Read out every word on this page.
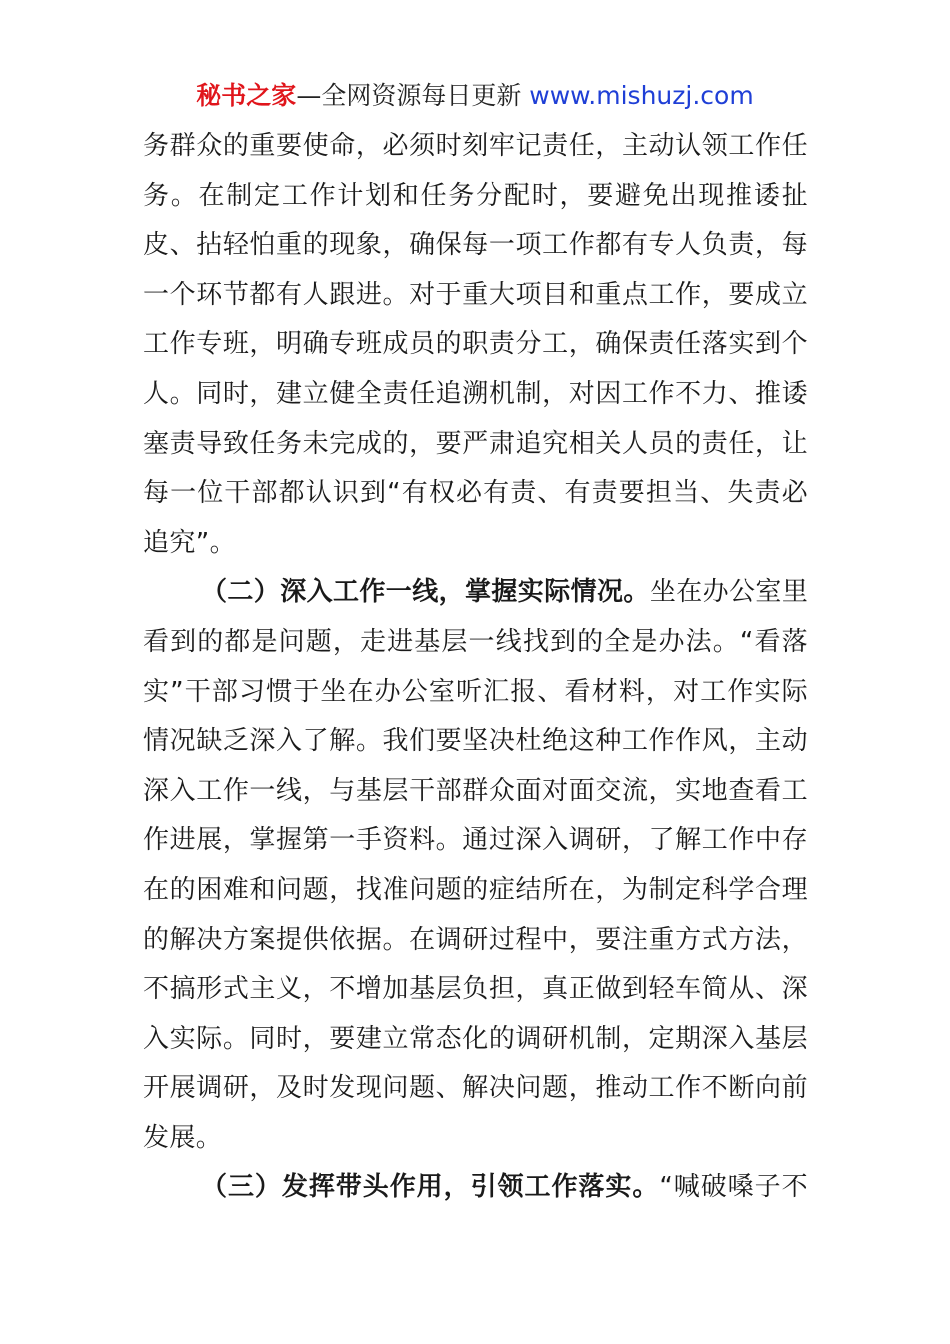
秘书之家—全网资源每日更新 www.mishuzj.com
务群众的重要使命，必须时刻牢记责任，主动认领工作任
务。在制定工作计划和任务分配时，要避免出现推诿扯
皮、拈轻怕重的现象，确保每一项工作都有专人负责，每
一个环节都有人跟进。对于重大项目和重点工作，要成立
工作专班，明确专班成员的职责分工，确保责任落实到个
人。同时，建立健全责任追溯机制，对因工作不力、推诿
塞责导致任务未完成的，要严肃追究相关人员的责任，让
每一位干部都认识到“有权必有责、有责要担当、失责必
追究”。
（二）深入工作一线，掌握实际情况。坐在办公室里
看到的都是问题，走进基层一线找到的全是办法。“看落
实”干部习惯于坐在办公室听汇报、看材料，对工作实际
情况缺乏深入了解。我们要坚决杜绝这种工作作风，主动
深入工作一线，与基层干部群众面对面交流，实地查看工
作进展，掌握第一手资料。通过深入调研，了解工作中存
在的困难和问题，找准问题的症结所在，为制定科学合理
的解决方案提供依据。在调研过程中，要注重方式方法，
不搞形式主义，不增加基层负担，真正做到轻车简从、深
入实际。同时，要建立常态化的调研机制，定期深入基层
开展调研，及时发现问题、解决问题，推动工作不断向前
发展。
（三）发挥带头作用，引领工作落实。“喊破嗓子不
